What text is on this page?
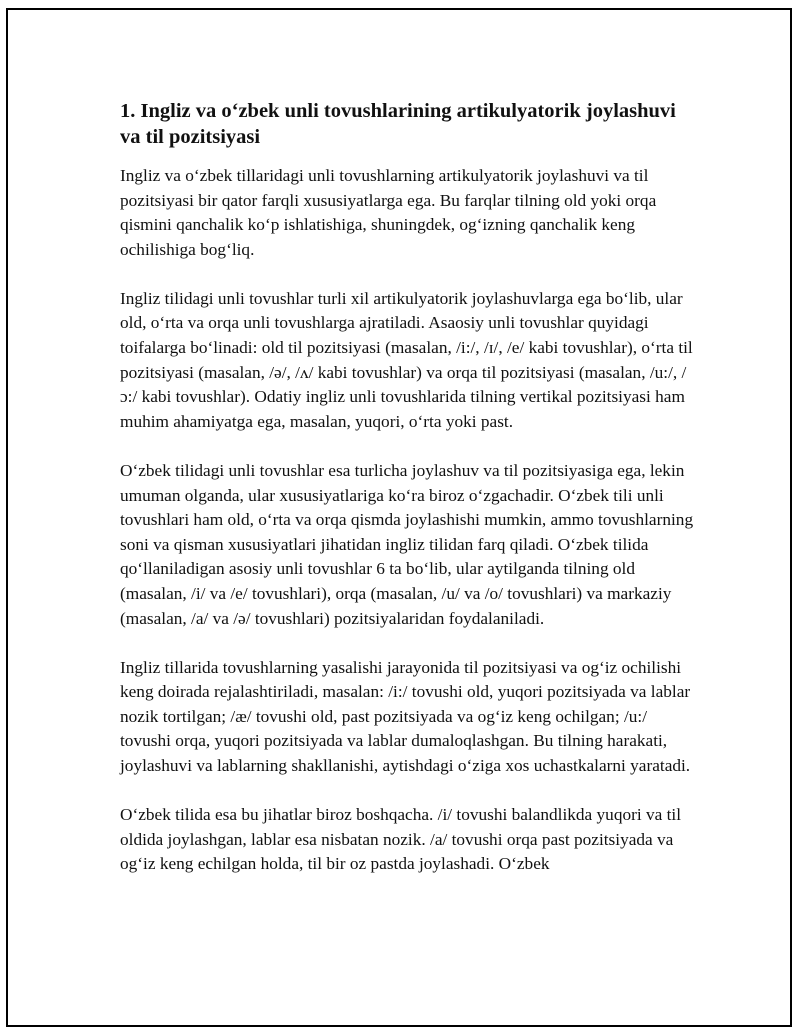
1. Ingliz va o‘zbek unli tovushlarining artikulyatorik joylashuvi va til pozitsiyasi

Ingliz va o‘zbek tillaridagi unli tovushlarning artikulyatorik joylashuvi va til pozitsiyasi bir qator farqli xususiyatlarga ega. Bu farqlar tilning old yoki orqa qismini qanchalik ko‘p ishlatishiga, shuningdek, og‘izning qanchalik keng ochilishiga bog‘liq.

Ingliz tilidagi unli tovushlar turli xil artikulyatorik joylashuvlarga ega bo‘lib, ular old, o‘rta va orqa unli tovushlarga ajratiladi. Asaosiy unli tovushlar quyidagi toifalarga bo‘linadi: old til pozitsiyasi (masalan, /i:/, /ɪ/, /e/ kabi tovushlar), o‘rta til pozitsiyasi (masalan, /ə/, /ʌ/ kabi tovushlar) va orqa til pozitsiyasi (masalan, /u:/, /ɔ:/ kabi tovushlar). Odatiy ingliz unli tovushlarida tilning vertikal pozitsiyasi ham muhim ahamiyatga ega, masalan, yuqori, o‘rta yoki past.

O‘zbek tilidagi unli tovushlar esa turlicha joylashuv va til pozitsiyasiga ega, lekin umuman olganda, ular xususiyatlariga ko‘ra biroz o‘zgachadir. O‘zbek tili unli tovushlari ham old, o‘rta va orqa qismda joylashishi mumkin, ammo tovushlarning soni va qisman xususiyatlari jihatidan ingliz tilidan farq qiladi. O‘zbek tilida qo‘llaniladigan asosiy unli tovushlar 6 ta bo‘lib, ular aytilganda tilning old (masalan, /i/ va /e/ tovushlari), orqa (masalan, /u/ va /o/ tovushlari) va markaziy (masalan, /a/ va /ə/ tovushlari) pozitsiyalaridan foydalaniladi.

Ingliz tillarida tovushlarning yasalishi jarayonida til pozitsiyasi va og‘iz ochilishi keng doirada rejalashtiriladi, masalan: /i:/ tovushi old, yuqori pozitsiyada va lablar nozik tortilgan; /æ/ tovushi old, past pozitsiyada va og‘iz keng ochilgan; /u:/ tovushi orqa, yuqori pozitsiyada va lablar dumaloqlashgan. Bu tilning harakati, joylashuvi va lablarning shakllanishi, aytishdagi o‘ziga xos uchastkalarni yaratadi.

O‘zbek tilida esa bu jihatlar biroz boshqacha. /i/ tovushi balandlikda yuqori va til oldida joylashgan, lablar esa nisbatan nozik. /a/ tovushi orqa past pozitsiyada va og‘iz keng echilgan holda, til bir oz pastda joylashadi. O‘zbek
